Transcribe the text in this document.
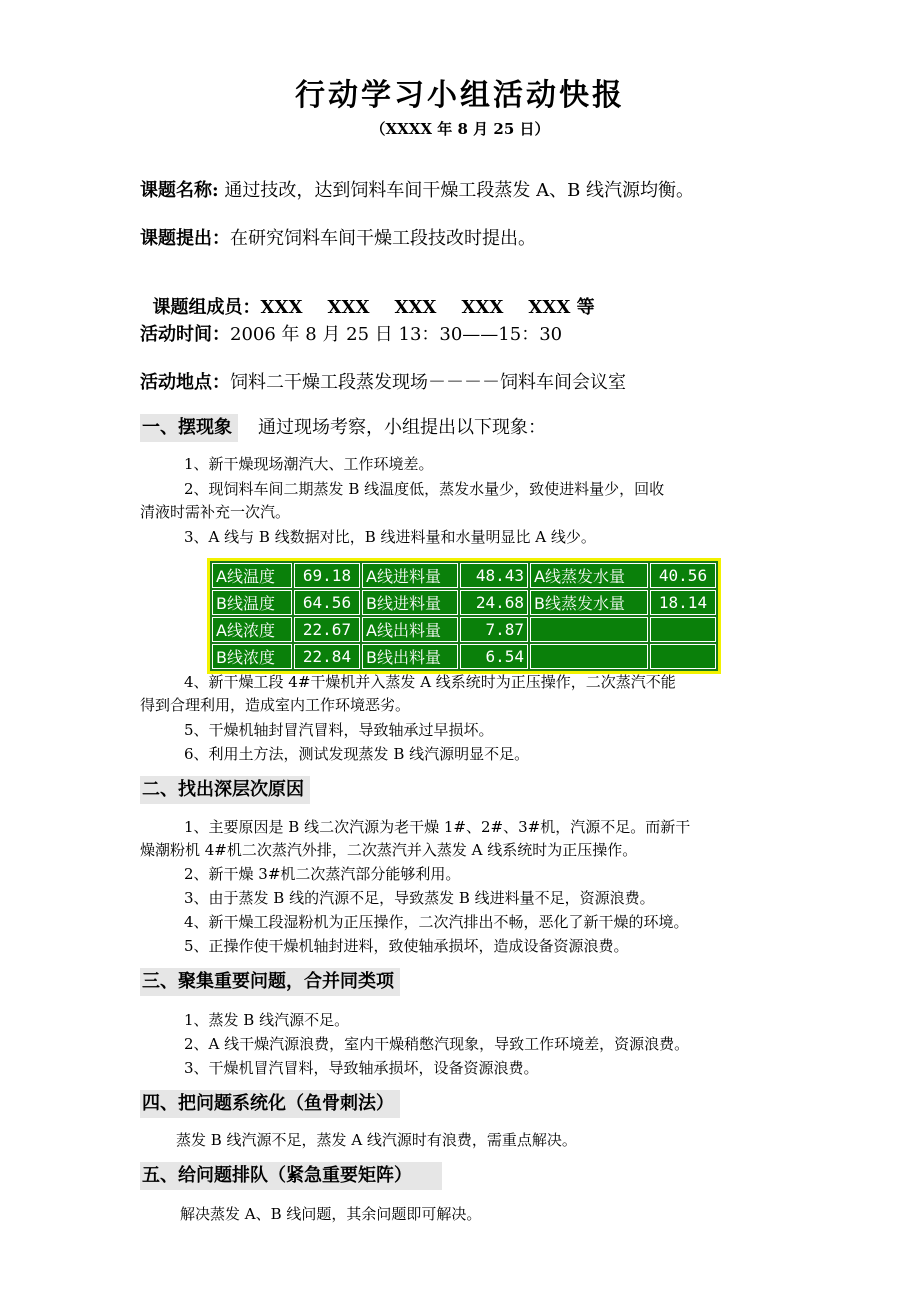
行动学习小组活动快报
（XXXX 年 8 月 25 日）
课题名称: 通过技改，达到饲料车间干燥工段蒸发 A、B 线汽源均衡。
课题提出：在研究饲料车间干燥工段技改时提出。

课题组成员：XXX    XXX    XXX    XXX    XXX 等

活动时间：2006 年 8 月 25 日 13：30——15：30
活动地点：饲料二干燥工段蒸发现场－－－－饲料车间会议室
一、摆现象 通过现场考察，小组提出以下现象：
1、新干燥现场潮汽大、工作环境差。
2、现饲料车间二期蒸发 B 线温度低，蒸发水量少，致使进料量少，回收
清液时需补充一次汽。
3、A 线与 B 线数据对比，B 线进料量和水量明显比 A 线少。
A线温度	69.18	A线进料量	48.43	A线蒸发水量	40.56
B线温度	64.56	B线进料量	24.68	B线蒸发水量	18.14
A线浓度	22.67	A线出料量	7.87		
B线浓度	22.84	B线出料量	6.54		
4、新干燥工段 4#干燥机并入蒸发 A 线系统时为正压操作，二次蒸汽不能
得到合理利用，造成室内工作环境恶劣。
5、干燥机轴封冒汽冒料，导致轴承过早损坏。
6、利用土方法，测试发现蒸发 B 线汽源明显不足。
二、找出深层次原因
1、主要原因是 B 线二次汽源为老干燥 1#、2#、3#机，汽源不足。而新干
燥潮粉机 4#机二次蒸汽外排，二次蒸汽并入蒸发 A 线系统时为正压操作。
2、新干燥 3#机二次蒸汽部分能够利用。
3、由于蒸发 B 线的汽源不足，导致蒸发 B 线进料量不足，资源浪费。
4、新干燥工段湿粉机为正压操作，二次汽排出不畅，恶化了新干燥的环境。
5、正操作使干燥机轴封进料，致使轴承损坏，造成设备资源浪费。
三、聚集重要问题，合并同类项
1、蒸发 B 线汽源不足。
2、A 线干燥汽源浪费，室内干燥稍憋汽现象，导致工作环境差，资源浪费。
3、干燥机冒汽冒料，导致轴承损坏，设备资源浪费。
四、把问题系统化（鱼骨刺法）
蒸发 B 线汽源不足，蒸发 A 线汽源时有浪费，需重点解决。
五、给问题排队（紧急重要矩阵）
解决蒸发 A、B 线问题，其余问题即可解决。
